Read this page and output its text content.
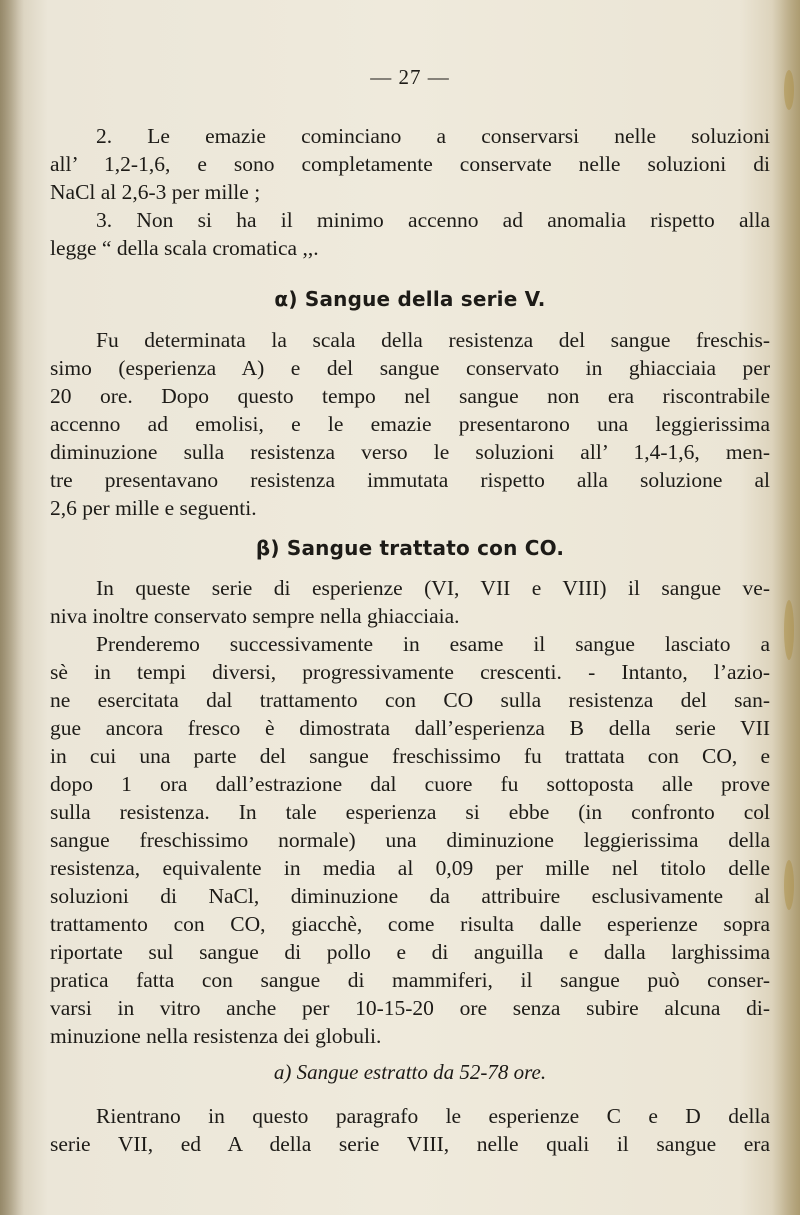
— 27 —
2. Le emazie cominciano a conservarsi nelle soluzioni
all’ 1,2-1,6, e sono completamente conservate nelle soluzioni di
NaCl al 2,6-3 per mille ;
3. Non si ha il minimo accenno ad anomalia rispetto alla
legge “ della scala cromatica ,,.
α) Sangue della serie V.
Fu determinata la scala della resistenza del sangue freschis-
simo (esperienza A) e del sangue conservato in ghiacciaia per
20 ore. Dopo questo tempo nel sangue non era riscontrabile
accenno ad emolisi, e le emazie presentarono una leggierissima
diminuzione sulla resistenza verso le soluzioni all’ 1,4-1,6, men-
tre presentavano resistenza immutata rispetto alla soluzione al
2,6 per mille e seguenti.
β) Sangue trattato con CO.
In queste serie di esperienze (VI, VII e VIII) il sangue ve-
niva inoltre conservato sempre nella ghiacciaia.
Prenderemo successivamente in esame il sangue lasciato a
sè in tempi diversi, progressivamente crescenti. - Intanto, l’azio-
ne esercitata dal trattamento con CO sulla resistenza del san-
gue ancora fresco è dimostrata dall’esperienza B della serie VII
in cui una parte del sangue freschissimo fu trattata con CO, e
dopo 1 ora dall’estrazione dal cuore fu sottoposta alle prove
sulla resistenza. In tale esperienza si ebbe (in confronto col
sangue freschissimo normale) una diminuzione leggierissima della
resistenza, equivalente in media al 0,09 per mille nel titolo delle
soluzioni di NaCl, diminuzione da attribuire esclusivamente al
trattamento con CO, giacchè, come risulta dalle esperienze sopra
riportate sul sangue di pollo e di anguilla e dalla larghissima
pratica fatta con sangue di mammiferi, il sangue può conser-
varsi in vitro anche per 10-15-20 ore senza subire alcuna di-
minuzione nella resistenza dei globuli.
a) Sangue estratto da 52-78 ore.
Rientrano in questo paragrafo le esperienze C e D della
serie VII, ed A della serie VIII, nelle quali il sangue era
